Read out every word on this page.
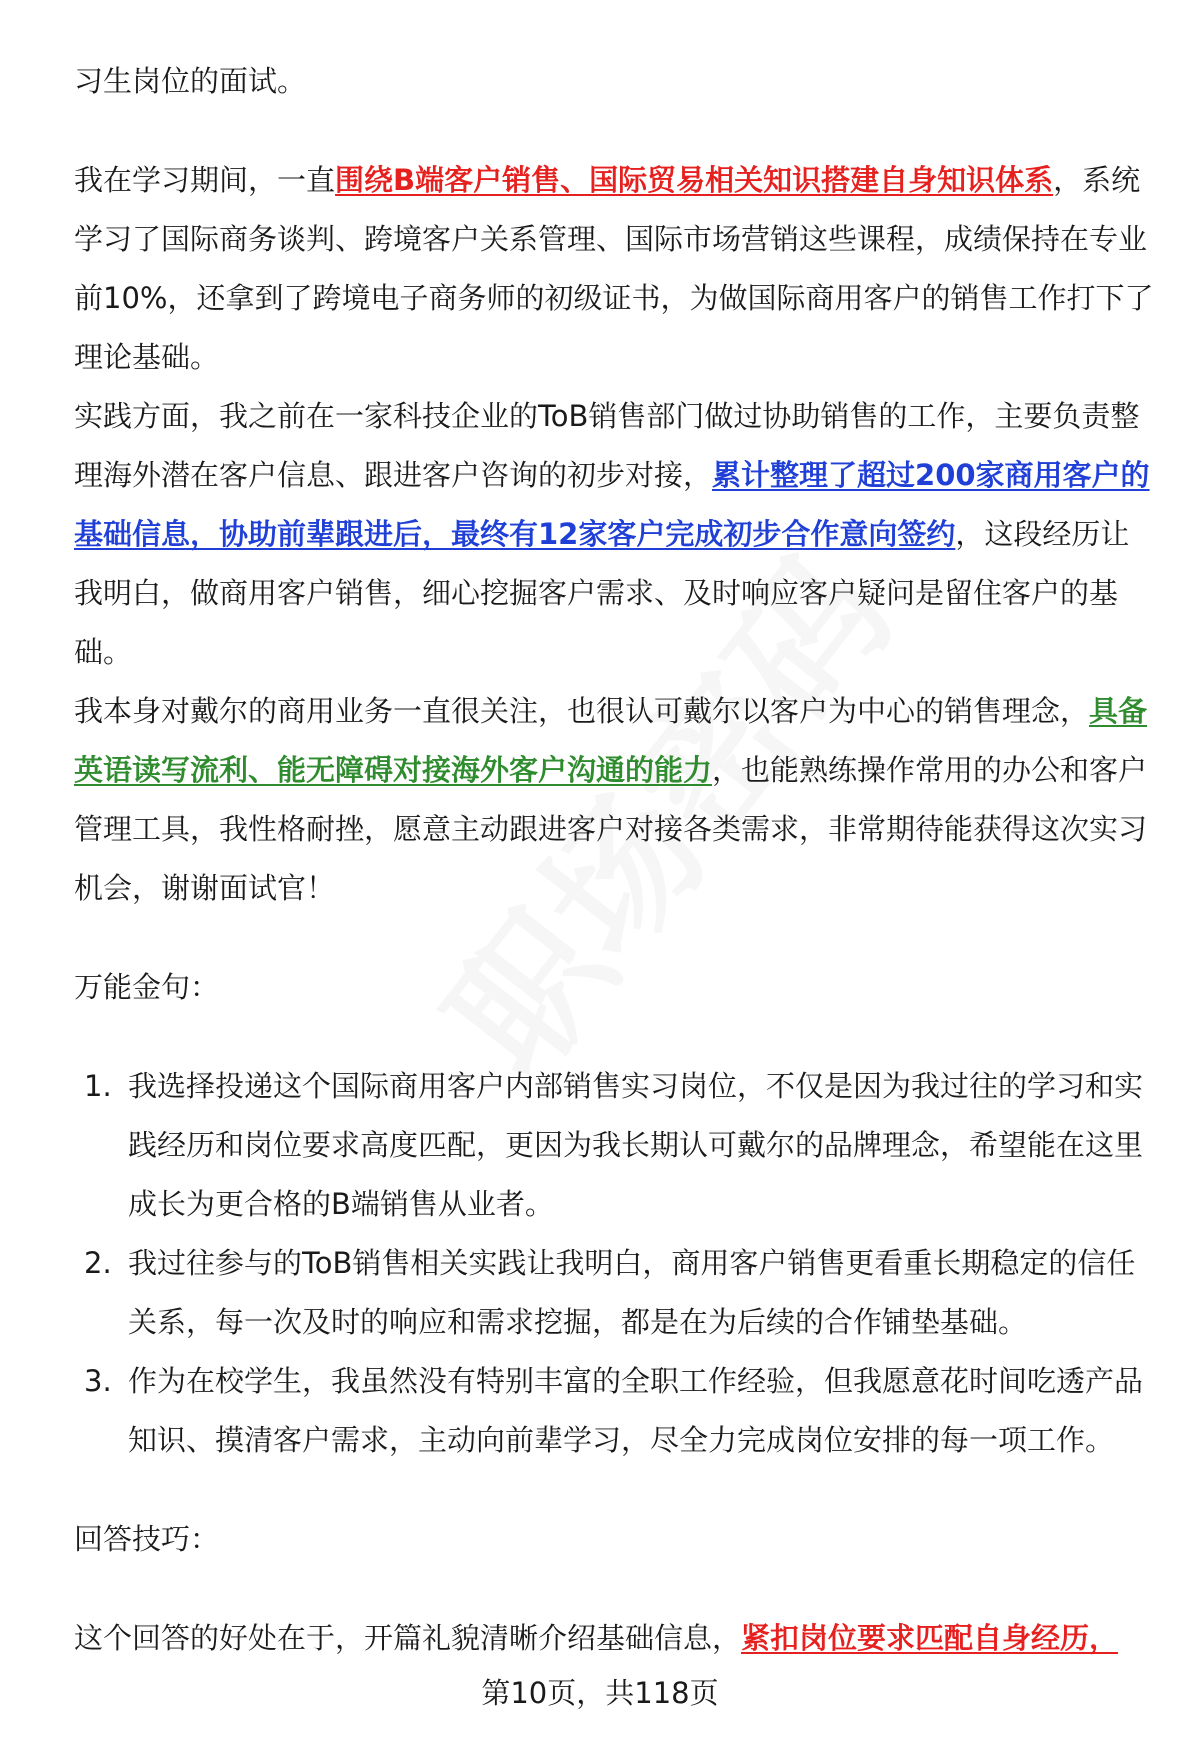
习生岗位的面试。

我在学习期间，一直围绕B端客户销售、国际贸易相关知识搭建自身知识体系，系统学习了国际商务谈判、跨境客户关系管理、国际市场营销这些课程，成绩保持在专业前10%，还拿到了跨境电子商务师的初级证书，为做国际商用客户的销售工作打下了理论基础。

实践方面，我之前在一家科技企业的ToB销售部门做过协助销售的工作，主要负责整理海外潜在客户信息、跟进客户咨询的初步对接，累计整理了超过200家商用客户的基础信息，协助前辈跟进后，最终有12家客户完成初步合作意向签约，这段经历让我明白，做商用客户销售，细心挖掘客户需求、及时响应客户疑问是留住客户的基础。

我本身对戴尔的商用业务一直很关注，也很认可戴尔以客户为中心的销售理念，具备英语读写流利、能无障碍对接海外客户沟通的能力，也能熟练操作常用的办公和客户管理工具，我性格耐挫，愿意主动跟进客户对接各类需求，非常期待能获得这次实习机会，谢谢面试官！

万能金句：

1. 我选择投递这个国际商用客户内部销售实习岗位，不仅是因为我过往的学习和实践经历和岗位要求高度匹配，更因为我长期认可戴尔的品牌理念，希望能在这里成长为更合格的B端销售从业者。
2. 我过往参与的ToB销售相关实践让我明白，商用客户销售更看重长期稳定的信任关系，每一次及时的响应和需求挖掘，都是在为后续的合作铺垫基础。
3. 作为在校学生，我虽然没有特别丰富的全职工作经验，但我愿意花时间吃透产品知识、摸清客户需求，主动向前辈学习，尽全力完成岗位安排的每一项工作。

回答技巧：

这个回答的好处在于，开篇礼貌清晰介绍基础信息，紧扣岗位要求匹配自身经历，

第10页，共118页
